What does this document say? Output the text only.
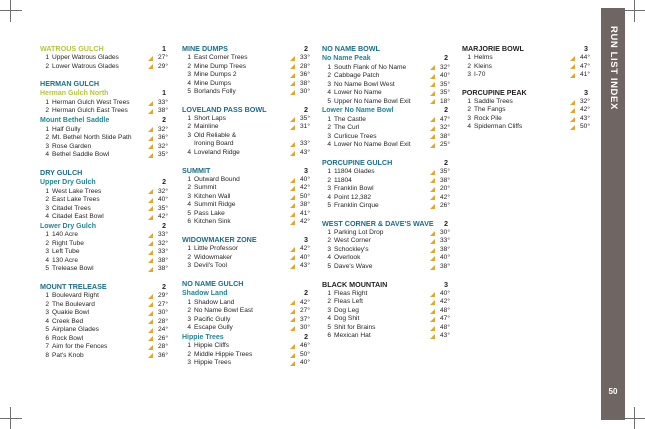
WATROUS GULCH	1
1 Upper Watrous Glades	27°
2 Lower Watrous Glades	29°
HERMAN GULCH
Herman Gulch North	1
1 Herman Gulch West Trees	33°
2 Herman Gulch East Trees	38°
Mount Bethel Saddle	2
1 Half Gully	32°
2 Mt. Bethel North Slide Path	36°
3 Rose Garden	32°
4 Bethel Saddle Bowl	35°
DRY GULCH
Upper Dry Gulch	2
1 West Lake Trees	32°
2 East Lake Trees	40°
3 Citadel Trees	35°
4 Citadel East Bowl	42°
Lower Dry Gulch	2
1 140 Acre	33°
2 Right Tube	32°
3 Left Tube	33°
4 130 Acre	38°
5 Trelease Bowl	38°
MOUNT TRELEASE	2
1 Boulevard Right	29°
2 The Boulevard	27°
3 Quakie Bowl	30°
4 Creek Bed	28°
5 Airplane Glades	24°
6 Rock Bowl	26°
7 Aim for the Fences	28°
8 Pat's Knob	36°
MINE DUMPS	2
1 East Corner Trees	33°
2 Mine Dump Trees	28°
3 Mine Dumps 2	36°
4 Mine Dumps	38°
5 Borlands Folly	30°
LOVELAND PASS BOWL	2
1 Short Laps	35°
2 Mainline	31°
3 Old Reliable &
Ironing Board	33°
4 Loveland Ridge	43°
SUMMIT	3
1 Outward Bound	40°
2 Summit	42°
3 Kitchen Wall	50°
4 Summit Ridge	38°
5 Pass Lake	41°
6 Kitchen Sink	42°
WIDOWMAKER ZONE	3
1 Little Professor	42°
2 Widowmaker	40°
3 Devil's Tool	43°
NO NAME GULCH
Shadow Land	2
1 Shadow Land	42°
2 No Name Bowl East	27°
3 Pacific Gully	37°
4 Escape Gully	30°
Hippie Trees	2
1 Hippie Cliffs	46°
2 Middle Hippie Trees	50°
3 Hippie Trees	40°
NO NAME BOWL
No Name Peak	2
1 South Flank of No Name	32°
2 Cabbage Patch	40°
3 No Name Bowl West	35°
4 Lower No Name	35°
5 Upper No Name Bowl Exit	18°
Lower No Name Bowl	2
1 The Castle	47°
2 The Curl	32°
3 Curlicue Trees	38°
4 Lower No Name Bowl Exit	25°
PORCUPINE GULCH	2
1 11804 Glades	35°
2 11804	38°
3 Franklin Bowl	20°
4 Point 12,382	42°
5 Franklin Cirque	26°
WEST CORNER & DAVE'S WAVE 2
1 Parking Lot Drop	30°
2 West Corner	33°
3 Schockley's	38°
4 Overlook	40°
5 Dave's Wave	38°
BLACK MOUNTAIN	3
1 Fleas Right	40°
2 Fleas Left	42°
3 Dog Leg	48°
4 Dog Shit	47°
5 Shit for Brains	48°
6 Mexican Hat	43°
MARJORIE BOWL	3
1 Helms	44°
2 Kleins	47°
3 I-70	41°
PORCUPINE PEAK	3
1 Saddle Trees	32°
2 The Fangs	42°
3 Rock Pile	43°
4 Spiderman Cliffs	50°
RUN LIST INDEX
50
